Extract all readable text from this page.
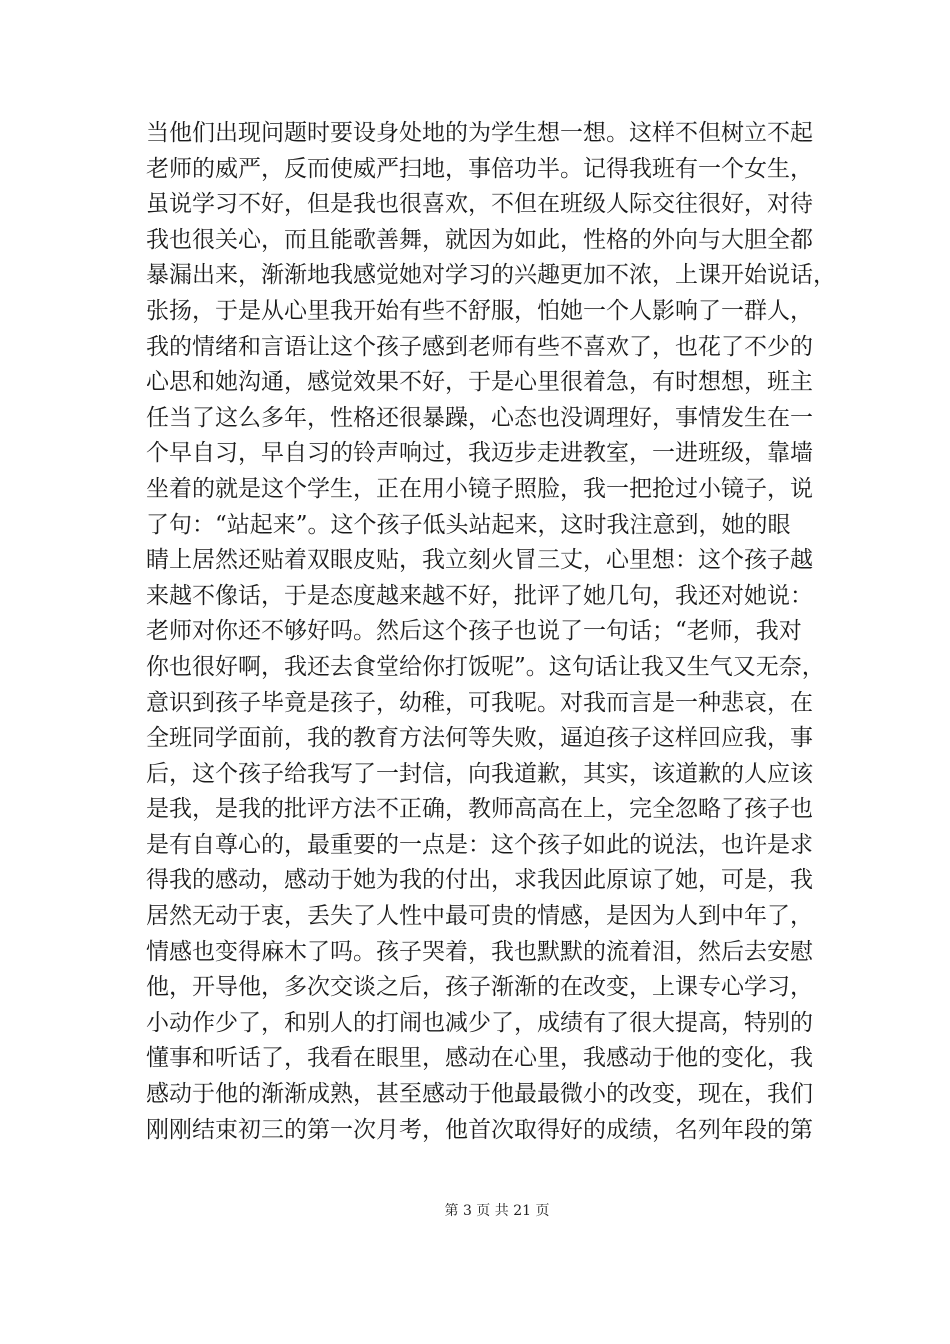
当他们出现问题时要设身处地的为学生想一想。这样不但树立不起
老师的威严，反而使威严扫地，事倍功半。记得我班有一个女生，
虽说学习不好，但是我也很喜欢，不但在班级人际交往很好，对待
我也很关心，而且能歌善舞，就因为如此，性格的外向与大胆全都
暴漏出来，渐渐地我感觉她对学习的兴趣更加不浓，上课开始说话，
张扬，于是从心里我开始有些不舒服，怕她一个人影响了一群人，
我的情绪和言语让这个孩子感到老师有些不喜欢了，也花了不少的
心思和她沟通，感觉效果不好，于是心里很着急，有时想想，班主
任当了这么多年，性格还很暴躁，心态也没调理好，事情发生在一
个早自习，早自习的铃声响过，我迈步走进教室，一进班级，靠墙
坐着的就是这个学生，正在用小镜子照脸，我一把抢过小镜子，说
了句：“站起来”。这个孩子低头站起来，这时我注意到，她的眼
睛上居然还贴着双眼皮贴，我立刻火冒三丈，心里想：这个孩子越
来越不像话，于是态度越来越不好，批评了她几句，我还对她说：
老师对你还不够好吗。然后这个孩子也说了一句话；“老师，我对
你也很好啊，我还去食堂给你打饭呢”。这句话让我又生气又无奈，
意识到孩子毕竟是孩子，幼稚，可我呢。对我而言是一种悲哀，在
全班同学面前，我的教育方法何等失败，逼迫孩子这样回应我，事
后，这个孩子给我写了一封信，向我道歉，其实，该道歉的人应该
是我，是我的批评方法不正确，教师高高在上，完全忽略了孩子也
是有自尊心的，最重要的一点是：这个孩子如此的说法，也许是求
得我的感动，感动于她为我的付出，求我因此原谅了她，可是，我
居然无动于衷，丢失了人性中最可贵的情感，是因为人到中年了，
情感也变得麻木了吗。孩子哭着，我也默默的流着泪，然后去安慰
他，开导他，多次交谈之后，孩子渐渐的在改变，上课专心学习，
小动作少了，和别人的打闹也减少了，成绩有了很大提高，特别的
懂事和听话了，我看在眼里，感动在心里，我感动于他的变化，我
感动于他的渐渐成熟，甚至感动于他最最微小的改变，现在，我们
刚刚结束初三的第一次月考，他首次取得好的成绩，名列年段的第
第 3 页 共 21 页
